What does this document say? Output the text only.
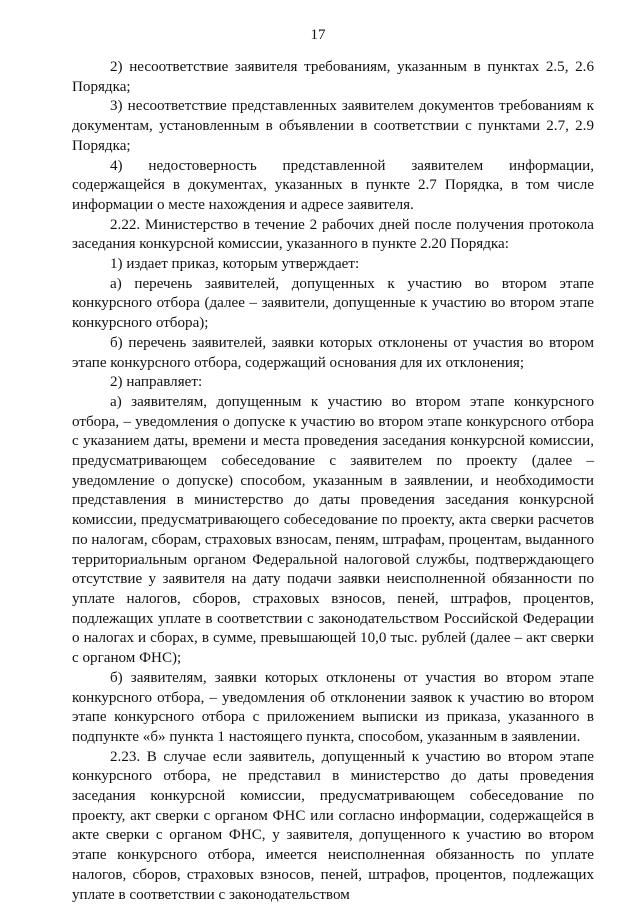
17

2) несоответствие заявителя требованиям, указанным в пунктах 2.5, 2.6 Порядка;

3) несоответствие представленных заявителем документов требованиям к документам, установленным в объявлении в соответствии с пунктами 2.7, 2.9 Порядка;

4) недостоверность представленной заявителем информации, содержащейся в документах, указанных в пункте 2.7 Порядка, в том числе информации о месте нахождения и адресе заявителя.

2.22. Министерство в течение 2 рабочих дней после получения протокола заседания конкурсной комиссии, указанного в пункте 2.20 Порядка:

1) издает приказ, которым утверждает:

а) перечень заявителей, допущенных к участию во втором этапе конкурсного отбора (далее – заявители, допущенные к участию во втором этапе конкурсного отбора);

б) перечень заявителей, заявки которых отклонены от участия во втором этапе конкурсного отбора, содержащий основания для их отклонения;

2) направляет:

а) заявителям, допущенным к участию во втором этапе конкурсного отбора, – уведомления о допуске к участию во втором этапе конкурсного отбора с указанием даты, времени и места проведения заседания конкурсной комиссии, предусматривающем собеседование с заявителем по проекту (далее – уведомление о допуске) способом, указанным в заявлении, и необходимости представления в министерство до даты проведения заседания конкурсной комиссии, предусматривающего собеседование по проекту, акта сверки расчетов по налогам, сборам, страховых взносам, пеням, штрафам, процентам, выданного территориальным органом Федеральной налоговой службы, подтверждающего отсутствие у заявителя на дату подачи заявки неисполненной обязанности по уплате налогов, сборов, страховых взносов, пеней, штрафов, процентов, подлежащих уплате в соответствии с законодательством Российской Федерации о налогах и сборах, в сумме, превышающей 10,0 тыс. рублей (далее – акт сверки с органом ФНС);

б) заявителям, заявки которых отклонены от участия во втором этапе конкурсного отбора, – уведомления об отклонении заявок к участию во втором этапе конкурсного отбора с приложением выписки из приказа, указанного в подпункте «б» пункта 1 настоящего пункта, способом, указанным в заявлении.

2.23. В случае если заявитель, допущенный к участию во втором этапе конкурсного отбора, не представил в министерство до даты проведения заседания конкурсной комиссии, предусматривающем собеседование по проекту, акт сверки с органом ФНС или согласно информации, содержащейся в акте сверки с органом ФНС, у заявителя, допущенного к участию во втором этапе конкурсного отбора, имеется неисполненная обязанность по уплате налогов, сборов, страховых взносов, пеней, штрафов, процентов, подлежащих уплате в соответствии с законодательством
